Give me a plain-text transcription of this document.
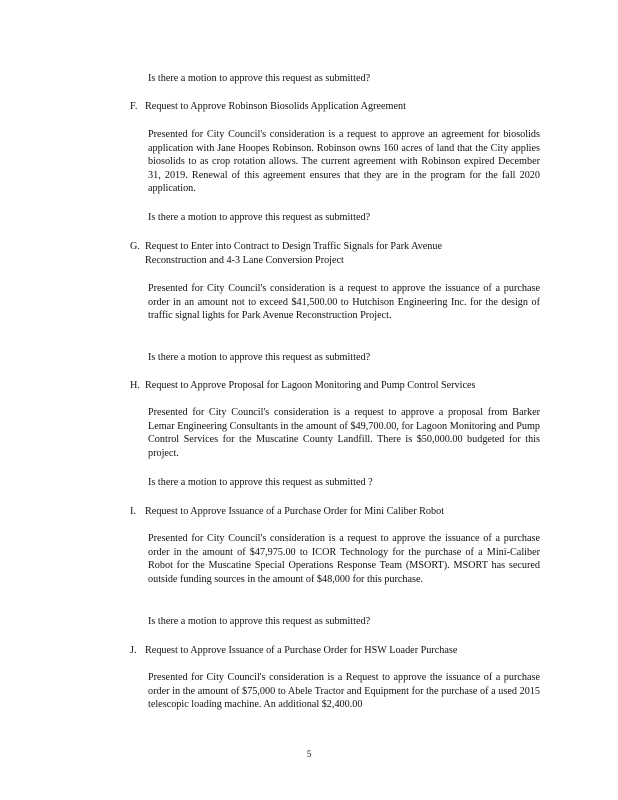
Is there a motion to approve this request as submitted?

F. Request to Approve Robinson Biosolids Application Agreement

Presented for City Council's consideration is a request to approve an agreement for biosolids application with Jane Hoopes Robinson. Robinson owns 160 acres of land that the City applies biosolids to as crop rotation allows. The current agreement with Robinson expired December 31, 2019. Renewal of this agreement ensures that they are in the program for the fall 2020 application.

Is there a motion to approve this request as submitted?

G. Request to Enter into Contract to Design Traffic Signals for Park Avenue
Reconstruction and 4-3 Lane Conversion Project

Presented for City Council's consideration is a request to approve the issuance of a purchase order in an amount not to exceed $41,500.00 to Hutchison Engineering Inc. for the design of traffic signal lights for Park Avenue Reconstruction Project.

Is there a motion to approve this request as submitted?

H. Request to Approve Proposal for Lagoon Monitoring and Pump Control Services

Presented for City Council's consideration is a request to approve a proposal from Barker Lemar Engineering Consultants in the amount of $49,700.00, for Lagoon Monitoring and Pump Control Services for the Muscatine County Landfill. There is $50,000.00 budgeted for this project.

Is there a motion to approve this request as submitted ?

I. Request to Approve Issuance of a Purchase Order for Mini Caliber Robot

Presented for City Council's consideration is a request to approve the issuance of a purchase order in the amount of $47,975.00 to ICOR Technology for the purchase of a Mini-Caliber Robot for the Muscatine Special Operations Response Team (MSORT). MSORT has secured outside funding sources in the amount of $48,000 for this purchase.

Is there a motion to approve this request as submitted?

J. Request to Approve Issuance of a Purchase Order for HSW Loader Purchase

Presented for City Council's consideration is a Request to approve the issuance of a purchase order in the amount of $75,000 to Abele Tractor and Equipment for the purchase of a used 2015 telescopic loading machine. An additional $2,400.00

5
